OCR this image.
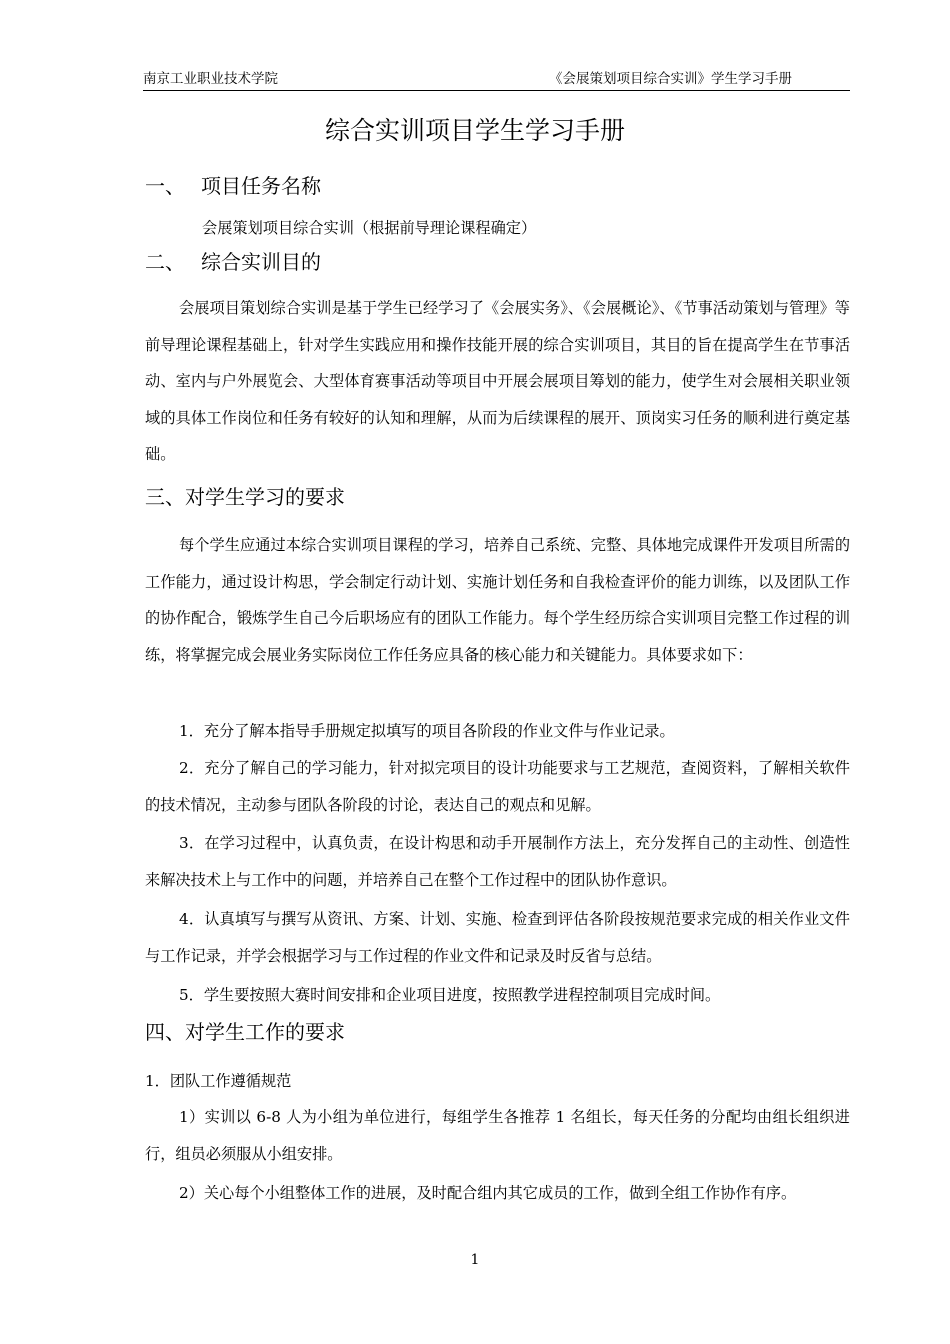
南京工业职业技术学院	《会展策划项目综合实训》学生学习手册
综合实训项目学生学习手册
一、 项目任务名称
会展策划项目综合实训（根据前导理论课程确定）
二、 综合实训目的
会展项目策划综合实训是基于学生已经学习了《会展实务》、《会展概论》、《节事活动策划与管理》等前导理论课程基础上，针对学生实践应用和操作技能开展的综合实训项目，其目的旨在提高学生在节事活动、室内与户外展览会、大型体育赛事活动等项目中开展会展项目筹划的能力，使学生对会展相关职业领域的具体工作岗位和任务有较好的认知和理解，从而为后续课程的展开、顶岗实习任务的顺利进行奠定基础。
三、对学生学习的要求
每个学生应通过本综合实训项目课程的学习，培养自己系统、完整、具体地完成课件开发项目所需的工作能力，通过设计构思，学会制定行动计划、实施计划任务和自我检查评价的能力训练，以及团队工作的协作配合，锻炼学生自己今后职场应有的团队工作能力。每个学生经历综合实训项目完整工作过程的训练，将掌握完成会展业务实际岗位工作任务应具备的核心能力和关键能力。具体要求如下：
1．充分了解本指导手册规定拟填写的项目各阶段的作业文件与作业记录。
2．充分了解自己的学习能力，针对拟完项目的设计功能要求与工艺规范，查阅资料，了解相关软件的技术情况，主动参与团队各阶段的讨论，表达自己的观点和见解。
3．在学习过程中，认真负责，在设计构思和动手开展制作方法上，充分发挥自己的主动性、创造性来解决技术上与工作中的问题，并培养自己在整个工作过程中的团队协作意识。
4．认真填写与撰写从资讯、方案、计划、实施、检查到评估各阶段按规范要求完成的相关作业文件与工作记录，并学会根据学习与工作过程的作业文件和记录及时反省与总结。
5．学生要按照大赛时间安排和企业项目进度，按照教学进程控制项目完成时间。
四、对学生工作的要求
1．团队工作遵循规范
1）实训以 6-8 人为小组为单位进行，每组学生各推荐 1 名组长，每天任务的分配均由组长组织进行，组员必须服从小组安排。
2）关心每个小组整体工作的进展，及时配合组内其它成员的工作，做到全组工作协作有序。
1
